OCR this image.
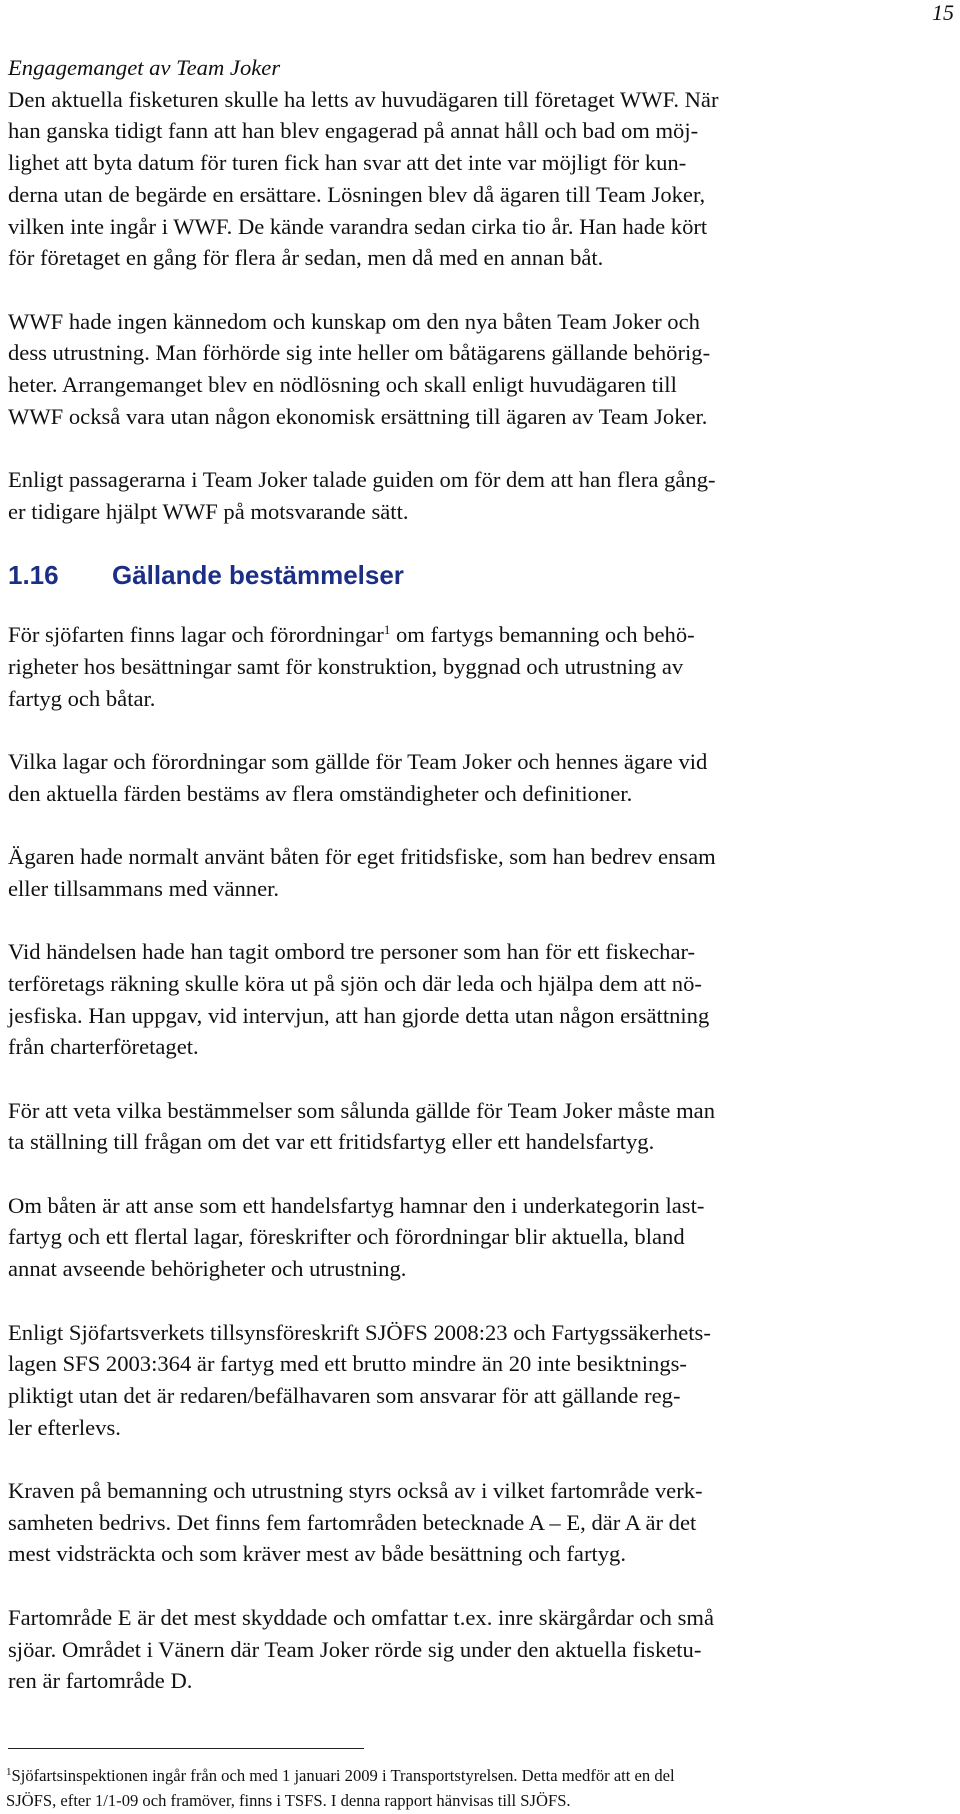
15

Engagemanget av Team Joker

Den aktuella fisketuren skulle ha letts av huvudägaren till företaget WWF. När
han ganska tidigt fann att han blev engagerad på annat håll och bad om möj-
lighet att byta datum för turen fick han svar att det inte var möjligt för kun-
derna utan de begärde en ersättare. Lösningen blev då ägaren till Team Joker,
vilken inte ingår i WWF. De kände varandra sedan cirka tio år. Han hade kört
för företaget en gång för flera år sedan, men då med en annan båt.

WWF hade ingen kännedom och kunskap om den nya båten Team Joker och
dess utrustning. Man förhörde sig inte heller om båtägarens gällande behörig-
heter. Arrangemanget blev en nödlösning och skall enligt huvudägaren till
WWF också vara utan någon ekonomisk ersättning till ägaren av Team Joker.

Enligt passagerarna i Team Joker talade guiden om för dem att han flera gång-
er tidigare hjälpt WWF på motsvarande sätt.

1.16 Gällande bestämmelser

För sjöfarten finns lagar och förordningar$^1$ om fartygs bemanning och behö-
righeter hos besättningar samt för konstruktion, byggnad och utrustning av
fartyg och båtar.

Vilka lagar och förordningar som gällde för Team Joker och hennes ägare vid
den aktuella färden bestäms av flera omständigheter och definitioner.

Ägaren hade normalt använt båten för eget fritidsfiske, som han bedrev ensam
eller tillsammans med vänner.

Vid händelsen hade han tagit ombord tre personer som han för ett fiskechar-
terföretags räkning skulle köra ut på sjön och där leda och hjälpa dem att nö-
jesfiska. Han uppgav, vid intervjun, att han gjorde detta utan någon ersättning
från charterföretaget.

För att veta vilka bestämmelser som sålunda gällde för Team Joker måste man
ta ställning till frågan om det var ett fritidsfartyg eller ett handelsfartyg.

Om båten är att anse som ett handelsfartyg hamnar den i underkategorin last-
fartyg och ett flertal lagar, föreskrifter och förordningar blir aktuella, bland
annat avseende behörigheter och utrustning.

Enligt Sjöfartsverkets tillsynsföreskrift SJÖFS 2008:23 och Fartygssäkerhets-
lagen SFS 2003:364 är fartyg med ett brutto mindre än 20 inte besiktnings-
pliktigt utan det är redaren/befälhavaren som ansvarar för att gällande reg-
ler efterlevs.

Kraven på bemanning och utrustning styrs också av i vilket fartområde verk-
samheten bedrivs. Det finns fem fartområden betecknade A – E, där A är det
mest vidsträckta och som kräver mest av både besättning och fartyg.

Fartområde E är det mest skyddade och omfattar t.ex. inre skärgårdar och små
sjöar. Området i Vänern där Team Joker rörde sig under den aktuella fisketu-
ren är fartområde D.

$^1$Sjöfartsinspektionen ingår från och med 1 januari 2009 i Transportstyrelsen. Detta medför att en del
SJÖFS, efter 1/1-09 och framöver, finns i TSFS. I denna rapport hänvisas till SJÖFS.
